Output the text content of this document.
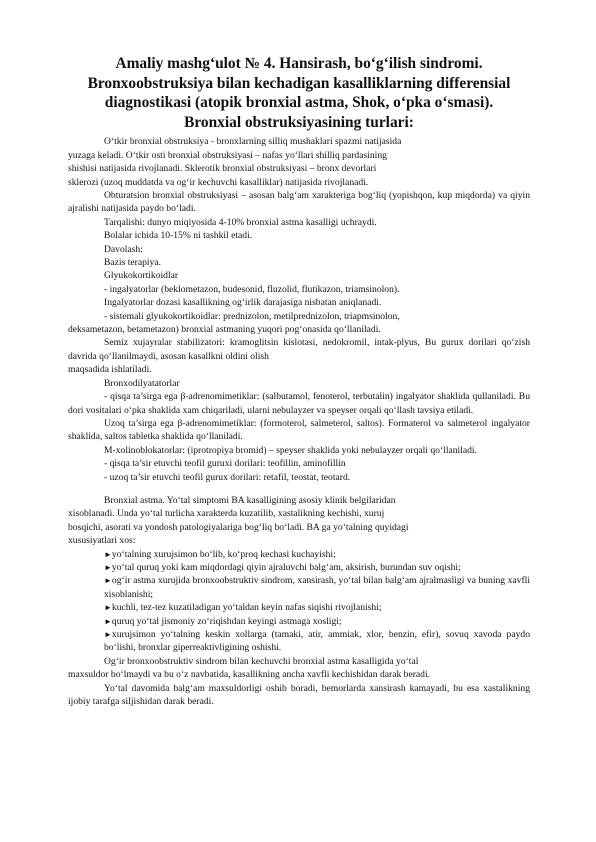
Amaliy mashg‘ulot № 4. Hansirash, bo‘g‘ilish sindromi.
Bronxoobstruksiya bilan kechadigan kasalliklarning differensial
diagnostikasi (atopik bronxial astma, Shok, o‘pka o‘smasi).
Bronxial obstruksiyasining turlari:

O‘tkir bronxial obstruksiya - bronxlarning silliq mushaklari spazmi natijasida

yuzaga keladi. O‘tkir osti bronxial obstruksiyasi – nafas yo‘llari shilliq pardasining

shishisi natijasida rivojlanadi. Sklerotik bronxial obstruksiyasi – bronx devorlari

sklerozi (uzoq muddatda va og‘ir kechuvchi kasalliklar) natijasida rivojlanadi.

Obturatsion bronxial obstruksiyasi – asosan balg‘am xarakteriga bog‘liq (yopishqon, kup miqdorda) va qiyin ajralishi natijasida paydo bo‘ladi.

Tarqalishi: dunyo miqiyosida 4-10% bronxial astma kasalligi uchraydi.

Bolalar ichida 10-15% ni tashkil etadi.

Davolash:

Bazis terapiya.

Glyukokortikoidlar

- ingalyatorlar (beklometazon, budesonid, fluzolid, flutikazon, triamsinolon).

Ingalyatorlar dozasi kasallikning og‘irlik darajasiga nisbatan aniqlanadi.

- sistemali glyukokortikoidlar: prednizolon, metilprednizolon, triapmsinolon,

deksametazon, betametazon) bronxial astmaning yuqori pog‘onasida qo‘llaniladi.

Semiz xujayralar stabilizatori: kramoglitsin kislotasi, nedokromil, intak-plyus, Bu gurux dorilari qo‘zish davrida qo‘llanilmaydi, asosan kasallkni oldini olish

maqsadida ishlatiladi.

Bronxodilyatatorlar

- qisqa ta’sirga ega β-adrenomimetiklar: (salbutamol, fenoterol, terbutalin) ingalyator shaklida qullaniladi. Bu dori vositalari o‘pka shaklida xam chiqariladi, ularni nebulayzer va speyser orqali qo‘llash tavsiya etiladi.

Uzoq ta’sirga ega β-adrenomimetiklar: (formoterol, salmeterol, saltos). Formaterol va salmeterol ingalyator shaklida, saltos tabletka shaklida qo‘llaniladi.

M-xolinoblokatorlar: (iprotropiya bromid) – speyser shaklida yoki nebulayzer orqali qo‘llaniladi.

- qisqa ta’sir etuvchi teofil guruxi dorilari: teofillin, aminofillin

- uzoq ta’sir etuvchi teofil gurux dorilari: retafil, teostat, teotard.

Bronxial astma. Yo‘tal simptomi BA kasalligining asosiy klinik belgilaridan

xisoblanadi. Unda yo‘tal turlicha xarakterda kuzatilib, xastalikning kechishi, xuruj

bosqichi, asorati va yondosh patologiyalariga bog‘liq bo‘ladi. BA ga yo‘talning quyidagi

xususiyatlari xos:

►yo‘talning xurujsimon bo‘lib, ko‘proq kechasi kuchayishi;

►yo‘tal quruq yoki kam miqdordagi qiyin ajraluvchi balg‘am, aksirish, burundan suv oqishi;

►og‘ir astma xurujida bronxoobstruktiv sindrom, xansirash, yo‘tal bilan balg‘am ajralmasligi va buning xavfli xisoblanishi;

►kuchli, tez-tez kuzatiladigan yo‘taldan keyin nafas siqishi rivojlanishi;

►quruq yo‘tal jismoniy zo‘riqishdan keyingi astmaga xosligi;

►xurujsimon yo‘talning keskin xollarga (tamaki, atir, ammiak, xlor, benzin, efir), sovuq xavoda paydo bo‘lishi, bronxlar giperreaktivligining oshishi.

Og‘ir bronxoobstruktiv sindrom bilan kechuvchi bronxial astma kasalligida yo‘tal

maxsuldor bo‘lmaydi va bu o‘z navbatida, kasallikning ancha xavfli kechishidan darak beradi.

Yo‘tal davomida balg‘am maxsuldorligi oshib boradi, bemorlarda xansirash kamayadi, bu esa xastalikning ijobiy tarafga siljishidan darak beradi.
